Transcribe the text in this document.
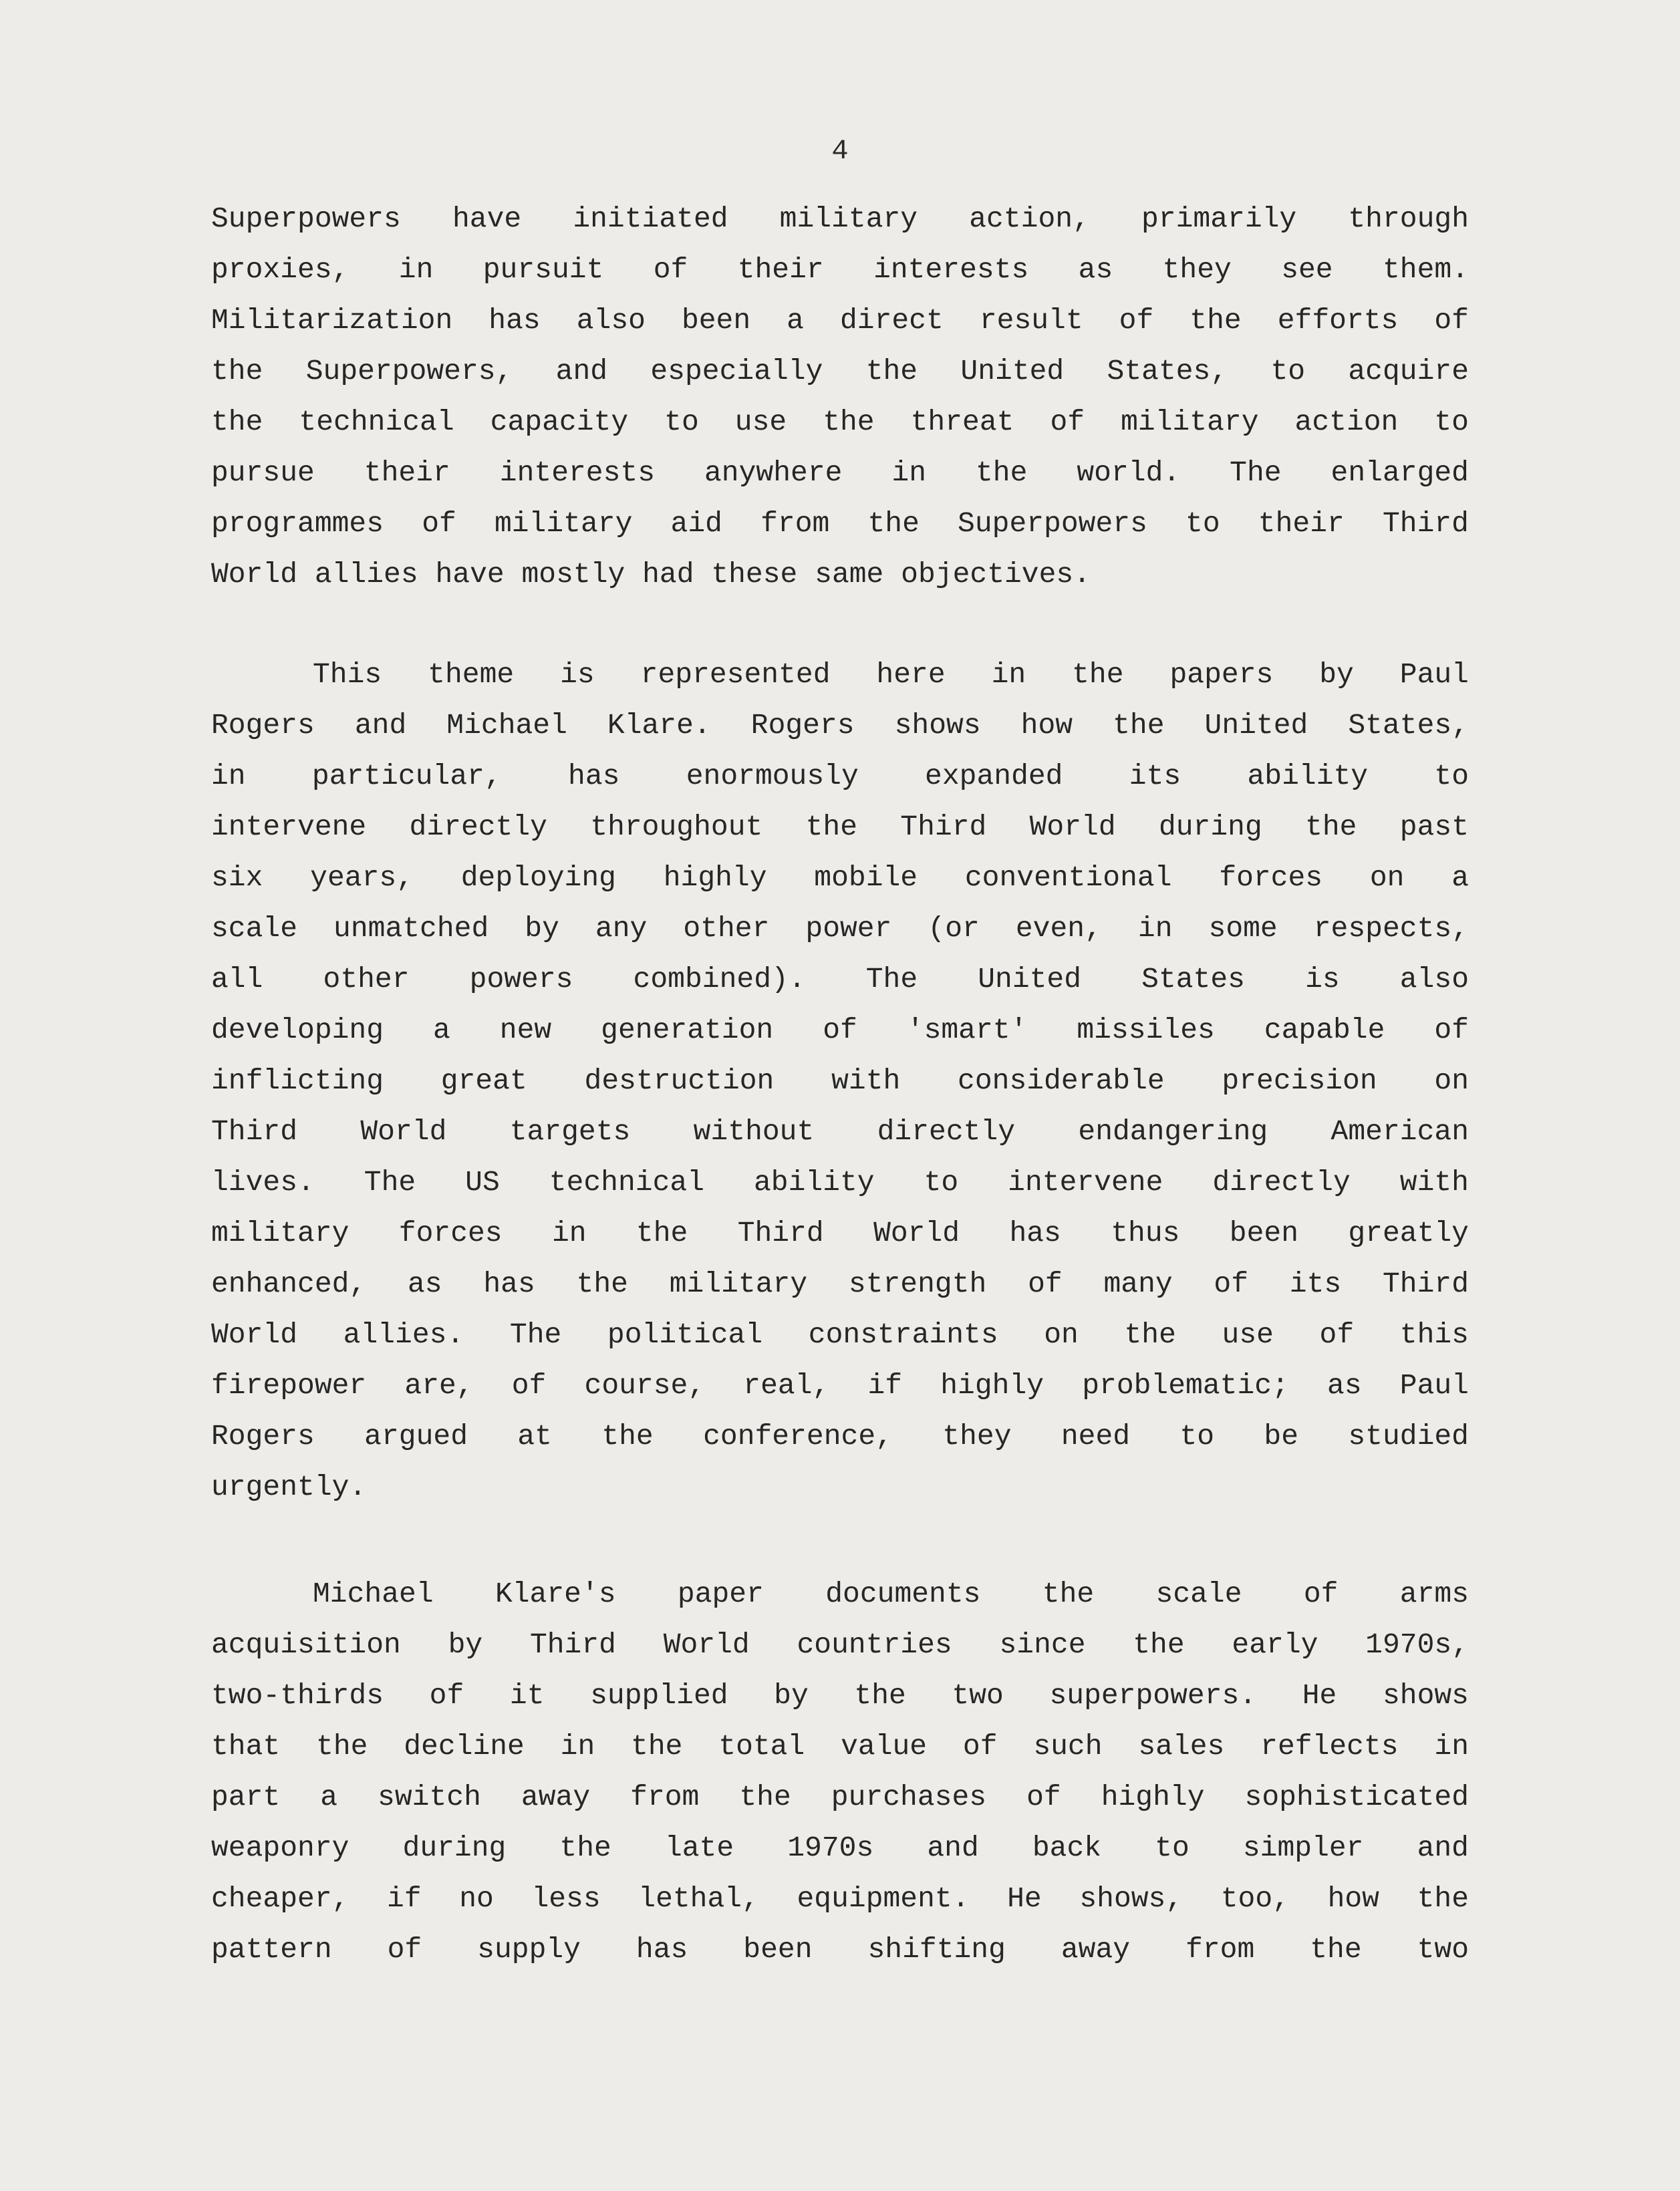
4
Superpowers have initiated military action, primarily through
proxies, in pursuit of their interests as they see them.
Militarization has also been a direct result of the efforts of
the Superpowers, and especially the United States, to acquire
the technical capacity to use the threat of military action to
pursue their interests anywhere in the world. The enlarged
programmes of military aid from the Superpowers to their Third
World allies have mostly had these same objectives.
This theme is represented here in the papers by Paul
Rogers and Michael Klare. Rogers shows how the United States,
in particular, has enormously expanded its ability to
intervene directly throughout the Third World during the past
six years, deploying highly mobile conventional forces on a
scale unmatched by any other power (or even, in some respects,
all other powers combined). The United States is also
developing a new generation of 'smart' missiles capable of
inflicting great destruction with considerable precision on
Third World targets without directly endangering American
lives. The US technical ability to intervene directly with
military forces in the Third World has thus been greatly
enhanced, as has the military strength of many of its Third
World allies. The political constraints on the use of this
firepower are, of course, real, if highly problematic; as Paul
Rogers argued at the conference, they need to be studied
urgently.
Michael Klare's paper documents the scale of arms
acquisition by Third World countries since the early 1970s,
two-thirds of it supplied by the two superpowers. He shows
that the decline in the total value of such sales reflects in
part a switch away from the purchases of highly sophisticated
weaponry during the late 1970s and back to simpler and
cheaper, if no less lethal, equipment. He shows, too, how the
pattern of supply has been shifting away from the two
